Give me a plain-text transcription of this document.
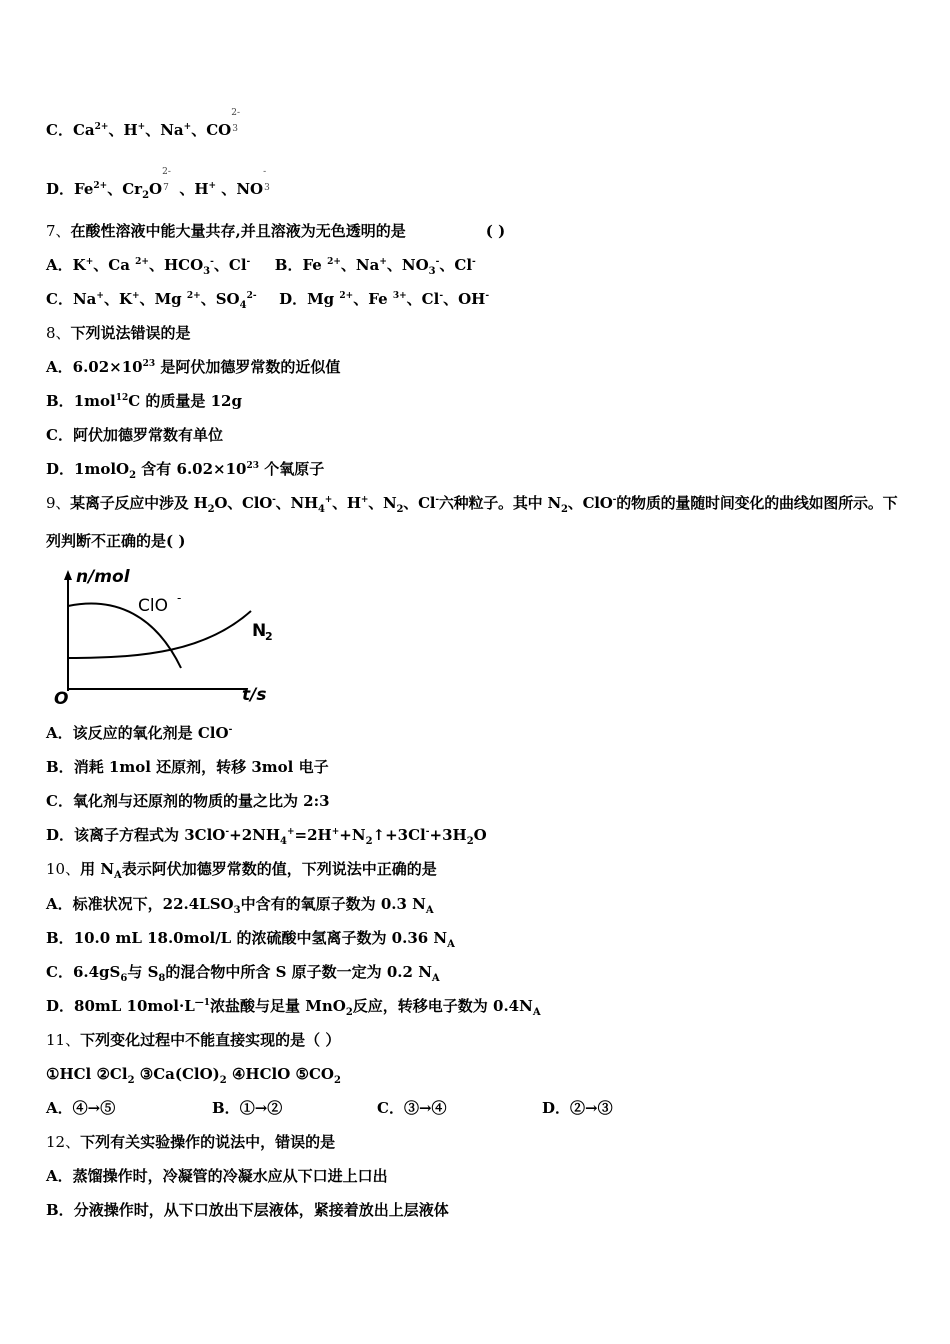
C．$Ca^{2+}$、H+、Na+、CO
2-
3
D．$Fe^{2+}$、$Cr_2O$
2-
7 、H+ 、NO
-
3
7、在酸性溶液中能大量共存,并且溶液为无色透明的是	( )
A．K+、Ca $^{2+}$、$HCO_3^-$、Cl- B．Fe $^{2+}$、Na+、$NO_3^-$、Cl-
C．Na+、K+、Mg $^{2+}$、$SO_4^{2-}$ D．Mg $^{2+}$、Fe $^{3+}$、Cl-、OH-
8、下列说法错误的是
A．$6.02\times 10^{23}$ 是阿伏加德罗常数的近似值
B．1mol$^{12}$C 的质量是 12g
C．阿伏加德罗常数有单位
D．1molO$_2$ 含有 $6.02\times 10^{23}$ 个氧原子
9、某离子反应中涉及 $H_2O$、ClO-、$NH_4^+$、H+、$N_2$、Cl-六种粒子。其中 $N_2$、ClO-的物质的量随时间变化的曲线如图所示。下
列判断不正确的是( )
n/mol
t/s
O
ClO -
N
2
A．该反应的氧化剂是 ClO-
B．消耗 1mol 还原剂，转移 3mol 电子
C．氧化剂与还原剂的物质的量之比为 2:3
D．该离子方程式为 $3ClO^-+2NH_4^+=2H^++N_2↑+3Cl^-+3H_2O$
10、用 $N_A$表示阿伏加德罗常数的值，下列说法中正确的是
A．标准状况下，$22.4LSO_3$中含有的氧原子数为 0.3 $N_A$
B．10.0 mL 18.0mol/L 的浓硫酸中氢离子数为 0.36 $N_A$
C．$6.4gS_6$与 $S_8$的混合物中所含 S 原子数一定为 0.2 $N_A$
D．80mL $10mol\cdot L^{—1}$浓盐酸与足量 MnO$_2$反应，转移电子数为 $0.4N_A$
11、下列变化过程中不能直接实现的是（ ）
①HCl $②Cl_2$ $③Ca(ClO)_2$ ④HClO $⑤CO_2$
A．④→⑤	B．①→②	C．③→④	D．②→③
12、下列有关实验操作的说法中，错误的是
A．蒸馏操作时，冷凝管的冷凝水应从下口进上口出
B．分液操作时，从下口放出下层液体，紧接着放出上层液体
